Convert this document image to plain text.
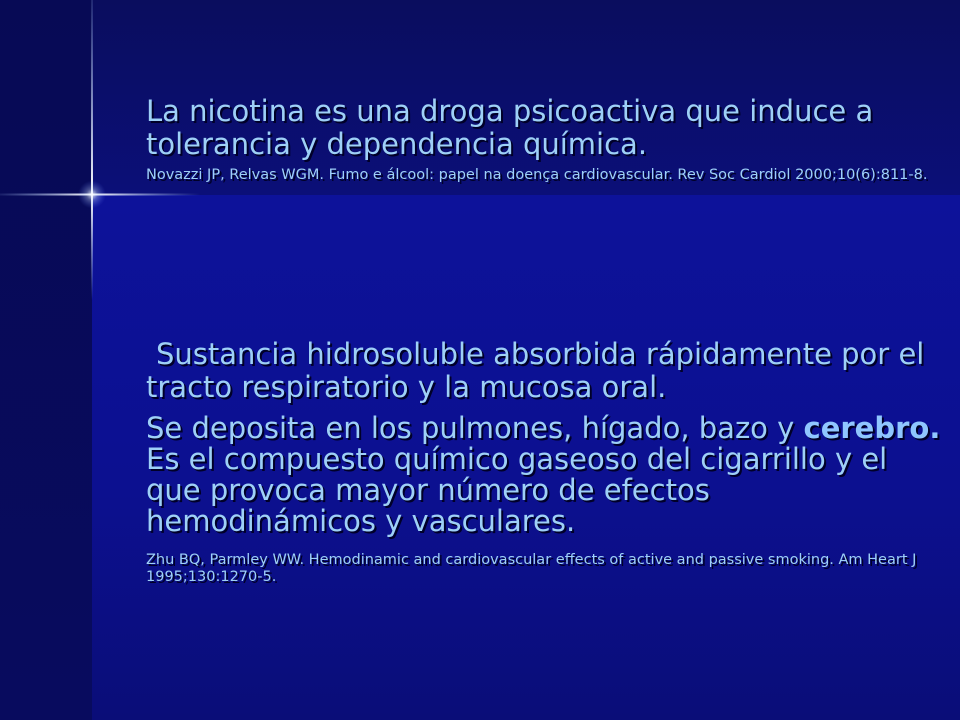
La nicotina es una droga psicoactiva que induce a tolerancia y dependencia química.
Novazzi JP, Relvas WGM. Fumo e álcool: papel na doença cardiovascular. Rev Soc Cardiol 2000;10(6):811-8.
Sustancia hidrosoluble absorbida rápidamente por el tracto respiratorio y la mucosa oral.
Se deposita en los pulmones, hígado, bazo y cerebro. Es el compuesto químico gaseoso del cigarrillo y el que provoca mayor número de efectos hemodinámicos y vasculares.
Zhu BQ, Parmley WW. Hemodinamic and cardiovascular effects of active and passive smoking. Am Heart J 1995;130:1270-5.
